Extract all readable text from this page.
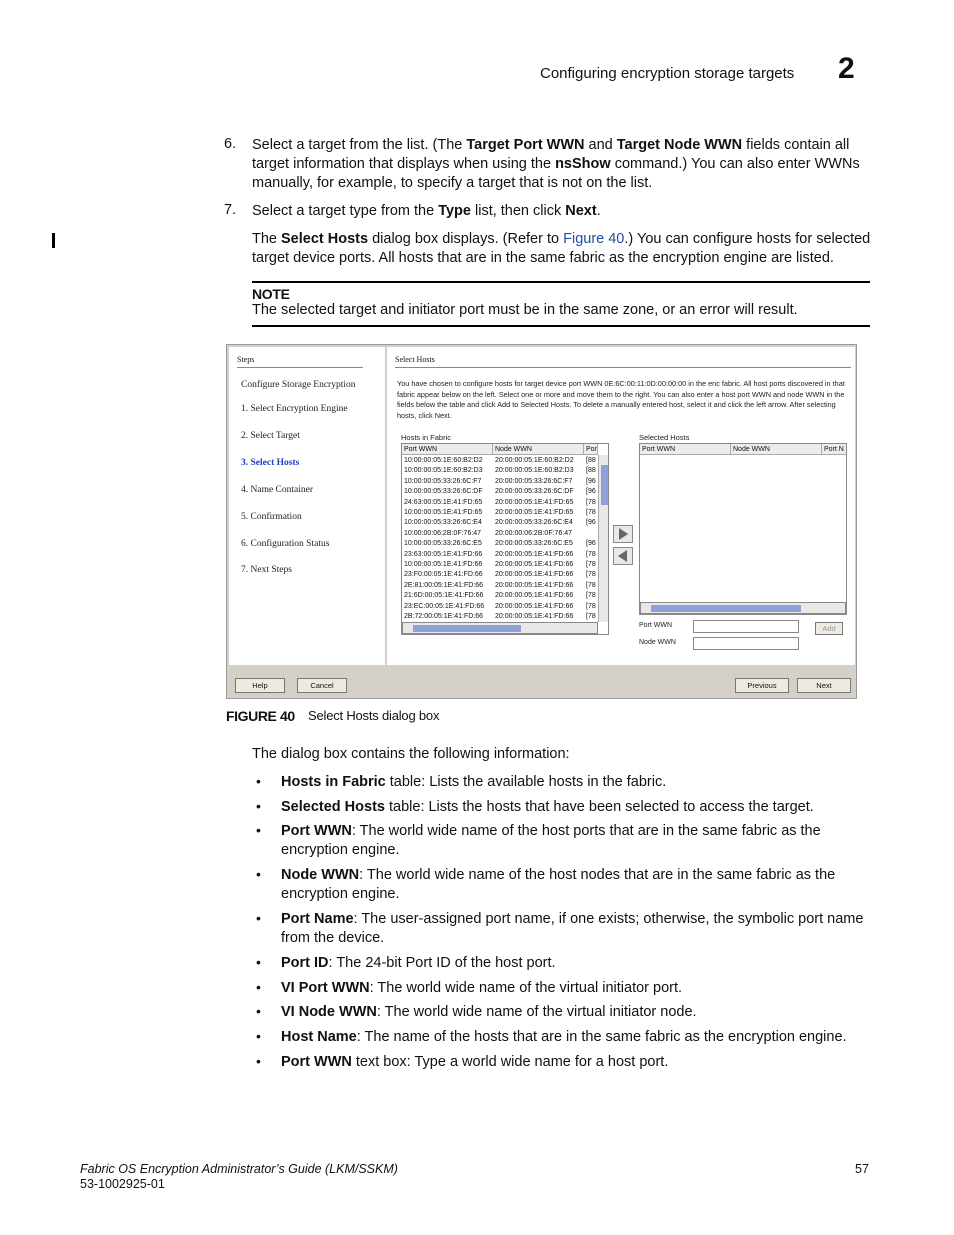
Configuring encryption storage targets 2
6. Select a target from the list. (The Target Port WWN and Target Node WWN fields contain all target information that displays when using the nsShow command.) You can also enter WWNs manually, for example, to specify a target that is not on the list.
7. Select a target type from the Type list, then click Next.
The Select Hosts dialog box displays. (Refer to Figure 40.) You can configure hosts for selected target device ports. All hosts that are in the same fabric as the encryption engine are listed.
NOTE
The selected target and initiator port must be in the same zone, or an error will result.
Steps
Configure Storage Encryption
1. Select Encryption Engine
2. Select Target
3. Select Hosts
4. Name Container
5. Confirmation
6. Configuration Status
7. Next Steps
Select Hosts
You have chosen to configure hosts for target device port WWN 0E:6C:00:11:0D:00:00:00 in the enc fabric. All host ports discovered in that fabric appear below on the left. Select one or more and move them to the right. You can also enter a host port WWN and node WWN in the fields below the table and click Add to Selected Hosts. To delete a manually entered host, select it and click the left arrow. After selecting hosts, click Next.
Hosts in Fabric
Port WWN	Node WWN	Por
10:00:00:05:1E:60:B2:D2	20:00:00:05:1E:60:B2:D2	[88
10:00:00:05:1E:60:B2:D3	20:00:00:05:1E:60:B2:D3	[88
10:00:00:05:33:26:6C:F7	20:00:00:05:33:26:6C:F7	[96
10:00:00:05:33:26:6C:DF	20:00:00:05:33:26:6C:DF	[96
24:63:00:05:1E:41:FD:65	20:00:00:05:1E:41:FD:65	[78
10:00:00:05:1E:41:FD:65	20:00:00:05:1E:41:FD:65	[78
10:00:00:05:33:26:6C:E4	20:00:00:05:33:26:6C:E4	[96
10:00:00:06:2B:0F:76:47	20:00:00:06:2B:0F:76:47
10:00:00:05:33:26:6C:E5	20:00:00:05:33:26:6C:E5	[96
23:63:00:05:1E:41:FD:66	20:00:00:05:1E:41:FD:66	[78
10:00:00:05:1E:41:FD:66	20:00:00:05:1E:41:FD:66	[78
23:F0:00:05:1E:41:FD:66	20:00:00:05:1E:41:FD:66	[78
2E:81:00:05:1E:41:FD:66	20:00:00:05:1E:41:FD:66	[78
21:6D:00:05:1E:41:FD:66	20:00:00:05:1E:41:FD:66	[78
23:EC:00:05:1E:41:FD:66	20:00:00:05:1E:41:FD:66	[78
2B:72:00:05:1E:41:FD:66	20:00:00:05:1E:41:FD:66	[78
Selected Hosts
Port WWN	Node WWN	Port N
Port WWN	Add
Node WWN
Help	Cancel	Previous	Next
FIGURE 40 Select Hosts dialog box
The dialog box contains the following information:
• Hosts in Fabric table: Lists the available hosts in the fabric.
• Selected Hosts table: Lists the hosts that have been selected to access the target.
• Port WWN: The world wide name of the host ports that are in the same fabric as the encryption engine.
• Node WWN: The world wide name of the host nodes that are in the same fabric as the encryption engine.
• Port Name: The user-assigned port name, if one exists; otherwise, the symbolic port name from the device.
• Port ID: The 24-bit Port ID of the host port.
• VI Port WWN: The world wide name of the virtual initiator port.
• VI Node WWN: The world wide name of the virtual initiator node.
• Host Name: The name of the hosts that are in the same fabric as the encryption engine.
• Port WWN text box: Type a world wide name for a host port.
Fabric OS Encryption Administrator’s Guide (LKM/SSKM)
53-1002925-01
57
